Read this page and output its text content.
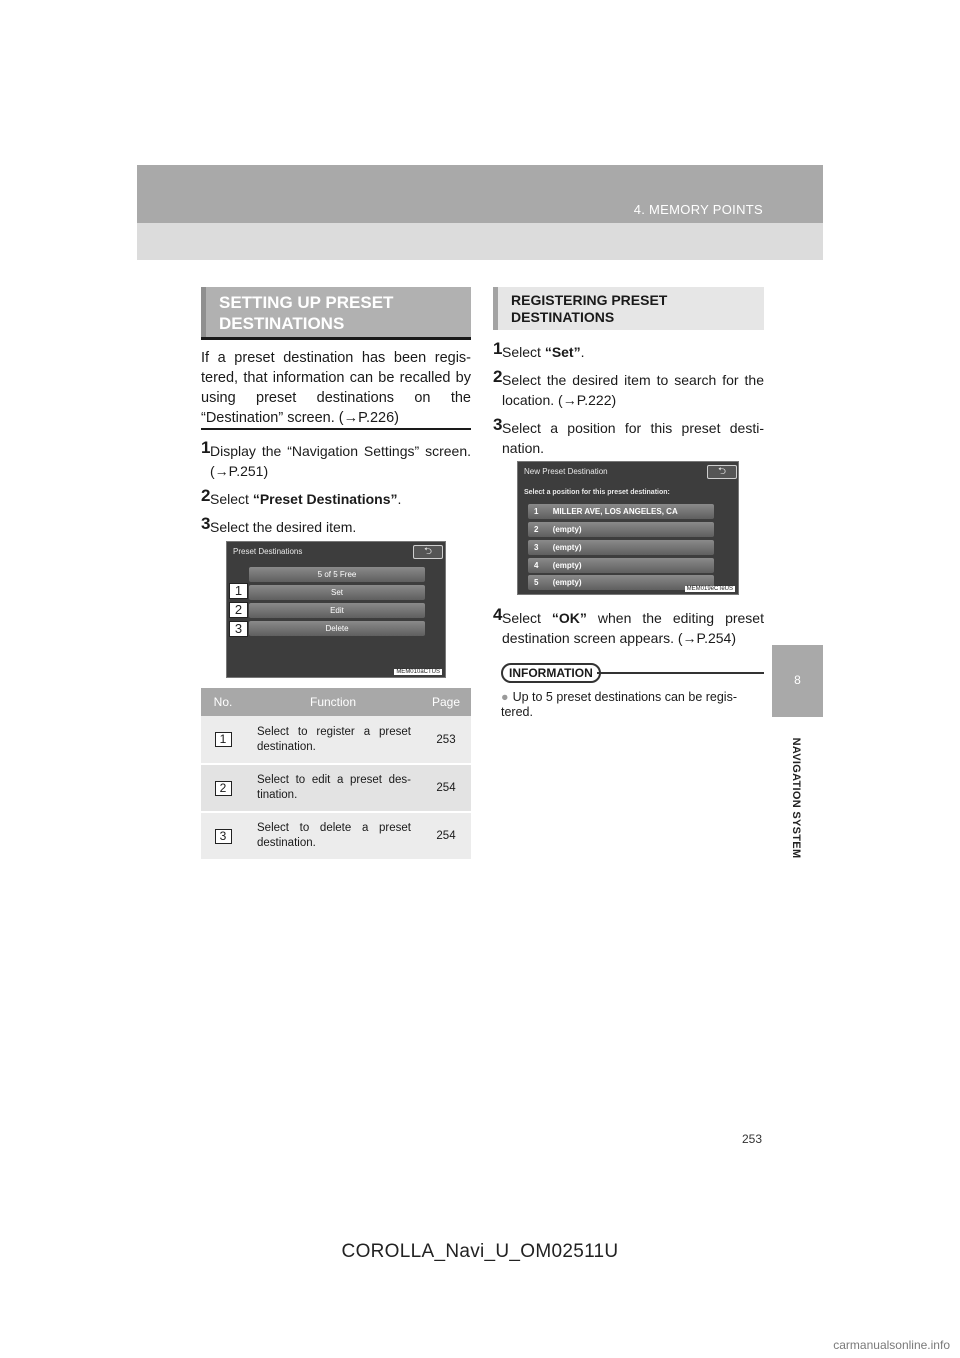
4. MEMORY POINTS
8
NAVIGATION SYSTEM
SETTING UP PRESET DESTINATIONS

If a preset destination has been regis- tered, that information can be recalled by using preset destinations on the “Destination” screen. (→P.226)

1 Display the “Navigation Settings” screen. (→P.251)
2 Select “Preset Destinations”.
3 Select the desired item.
Preset Destinations	⮌
5 of 5 Free
Set
Edit
Delete
MEM010aCTUS
1
2
3
No.	Function	Page
1	Select to register a preset destination.	253
2	Select to edit a preset des- tination.	254
3	Select to delete a preset destination.	254
REGISTERING PRESET DESTINATIONS
1 Select “Set”.
2 Select the desired item to search for the location. (→P.222)
3 Select a position for this preset desti- nation.
New Preset Destination	⮌
Select a position for this preset destination:
1 MILLER AVE, LOS ANGELES, CA
2 (empty)
3 (empty)
4 (empty)
5 (empty)
MEM019eCTeUS
4 Select “OK” when the editing preset destination screen appears. (→P.254)
INFORMATION
● Up to 5 preset destinations can be regis- tered.
253
COROLLA_Navi_U_OM02511U
carmanualsonline.info
